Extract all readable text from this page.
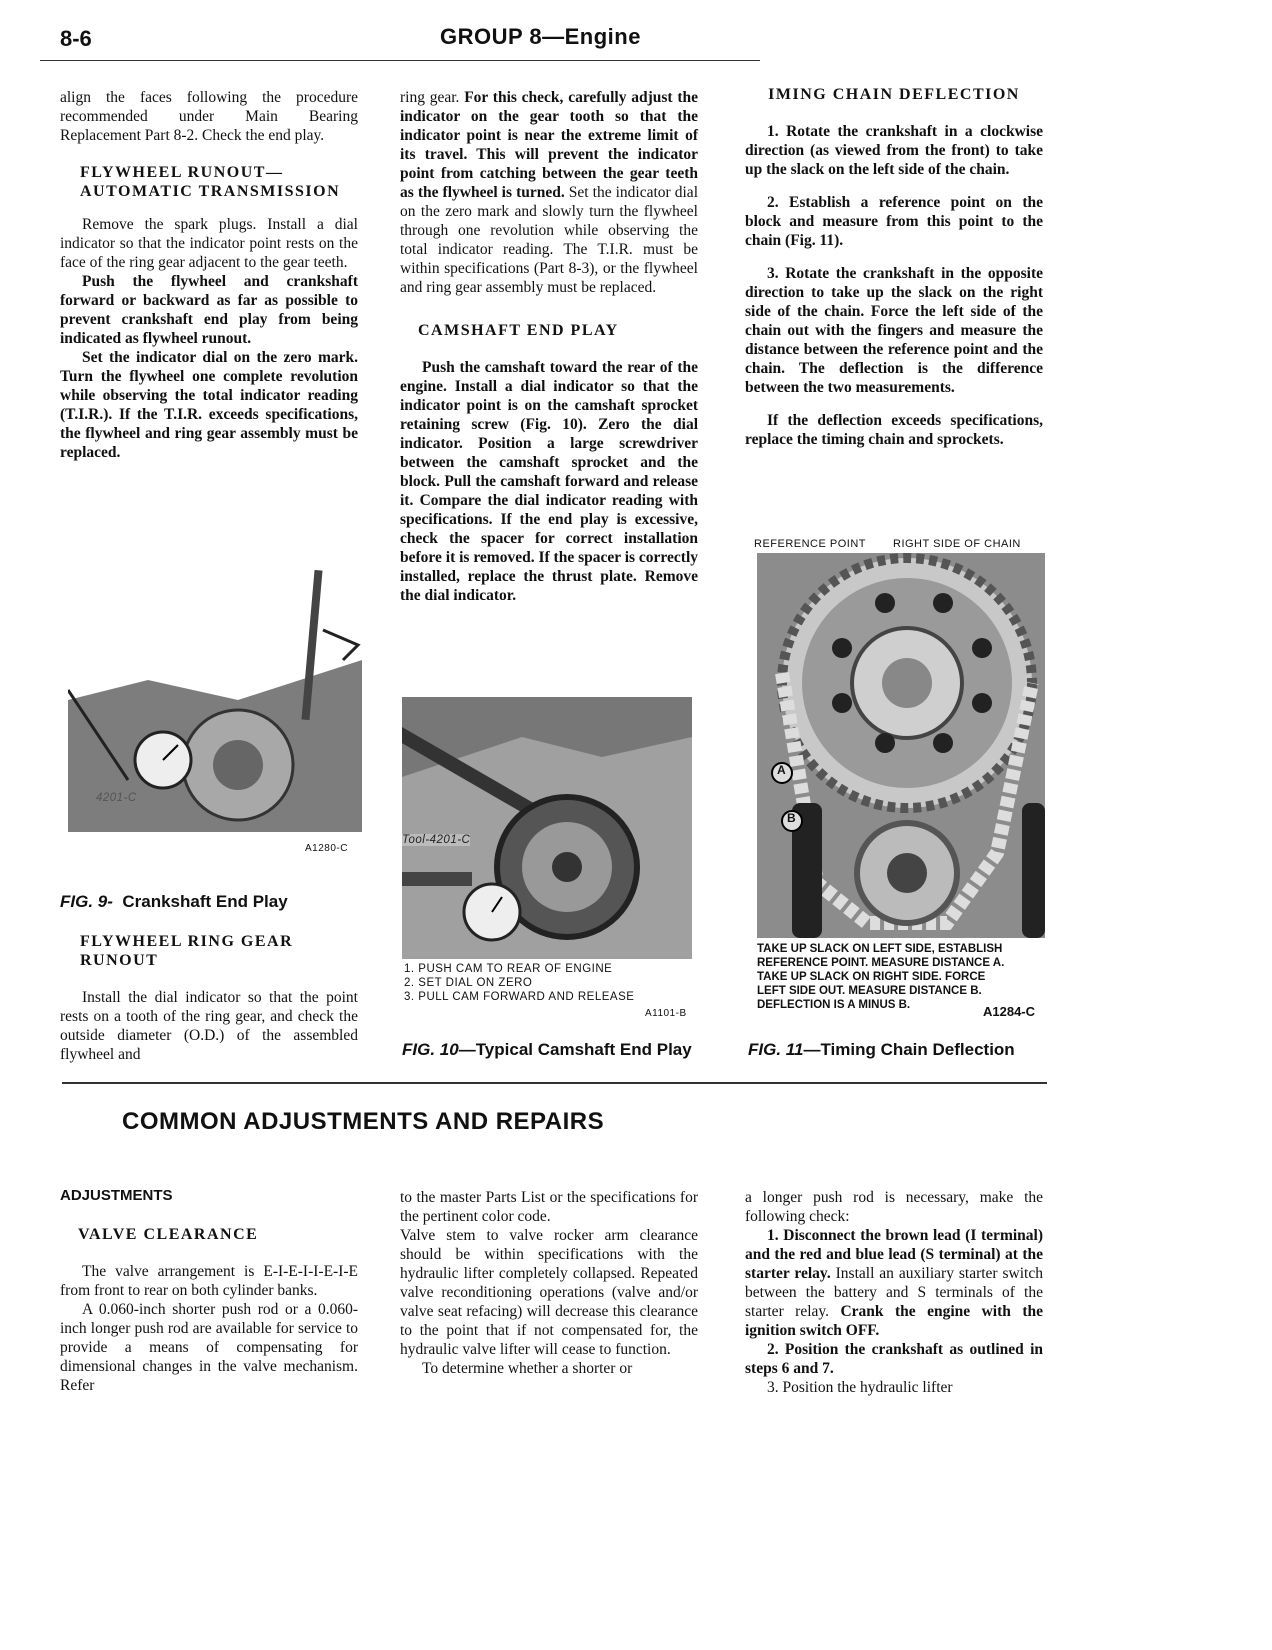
8-6	GROUP 8—Engine

align the faces following the procedure recommended under Main Bearing Replacement Part 8-2. Check the end play.

FLYWHEEL RUNOUT—AUTOMATIC TRANSMISSION

Remove the spark plugs. Install a dial indicator so that the indicator point rests on the face of the ring gear adjacent to the gear teeth.

Push the flywheel and crankshaft forward or backward as far as possible to prevent crankshaft end play from being indicated as flywheel runout.

Set the indicator dial on the zero mark. Turn the flywheel one complete revolution while observing the total indicator reading (T.I.R.). If the T.I.R. exceeds specifications, the flywheel and ring gear assembly must be replaced.

4201-C
A1280-C
FIG. 9- Crankshaft End Play

FLYWHEEL RING GEAR RUNOUT

Install the dial indicator so that the point rests on a tooth of the ring gear, and check the outside diameter (O.D.) of the assembled flywheel and

ring gear. For this check, carefully adjust the indicator on the gear tooth so that the indicator point is near the extreme limit of its travel. This will prevent the indicator point from catching between the gear teeth as the flywheel is turned. Set the indicator dial on the zero mark and slowly turn the flywheel through one revolution while observing the total indicator reading. The T.I.R. must be within specifications (Part 8-3), or the flywheel and ring gear assembly must be replaced.

CAMSHAFT END PLAY

Push the camshaft toward the rear of the engine. Install a dial indicator so that the indicator point is on the camshaft sprocket retaining screw (Fig. 10). Zero the dial indicator. Position a large screwdriver between the camshaft sprocket and the block. Pull the camshaft forward and release it. Compare the dial indicator reading with specifications. If the end play is excessive, check the spacer for correct installation before it is removed. If the spacer is correctly installed, replace the thrust plate. Remove the dial indicator.

Tool-4201-C
1. PUSH CAM TO REAR OF ENGINE
2. SET DIAL ON ZERO
3. PULL CAM FORWARD AND RELEASE
A1101-B
FIG. 10—Typical Camshaft End Play

IMING CHAIN DEFLECTION

1. Rotate the crankshaft in a clockwise direction (as viewed from the front) to take up the slack on the left side of the chain.

2. Establish a reference point on the block and measure from this point to the chain (Fig. 11).

3. Rotate the crankshaft in the opposite direction to take up the slack on the right side of the chain. Force the left side of the chain out with the fingers and measure the distance between the reference point and the chain. The deflection is the difference between the two measurements.

If the deflection exceeds specifications, replace the timing chain and sprockets.

REFERENCE POINT RIGHT SIDE OF CHAIN
A
B
TAKE UP SLACK ON LEFT SIDE, ESTABLISH
REFERENCE POINT. MEASURE DISTANCE A.
TAKE UP SLACK ON RIGHT SIDE. FORCE
LEFT SIDE OUT. MEASURE DISTANCE B.
DEFLECTION IS A MINUS B.	A1284-C
FIG. 11—Timing Chain Deflection
COMMON ADJUSTMENTS AND REPAIRS

ADJUSTMENTS

VALVE CLEARANCE

The valve arrangement is E-I-E-I-I-E-I-E from front to rear on both cylinder banks.

A 0.060-inch shorter push rod or a 0.060-inch longer push rod are available for service to provide a means of compensating for dimensional changes in the valve mechanism. Refer

to the master Parts List or the specifications for the pertinent color code.

Valve stem to valve rocker arm clearance should be within specifications with the hydraulic lifter completely collapsed. Repeated valve reconditioning operations (valve and/or valve seat refacing) will decrease this clearance to the point that if not compensated for, the hydraulic valve lifter will cease to function.

To determine whether a shorter or

a longer push rod is necessary, make the following check:

1. Disconnect the brown lead (I terminal) and the red and blue lead (S terminal) at the starter relay. Install an auxiliary starter switch between the battery and S terminals of the starter relay. Crank the engine with the ignition switch OFF.

2. Position the crankshaft as outlined in steps 6 and 7.

3. Position the hydraulic lifter
